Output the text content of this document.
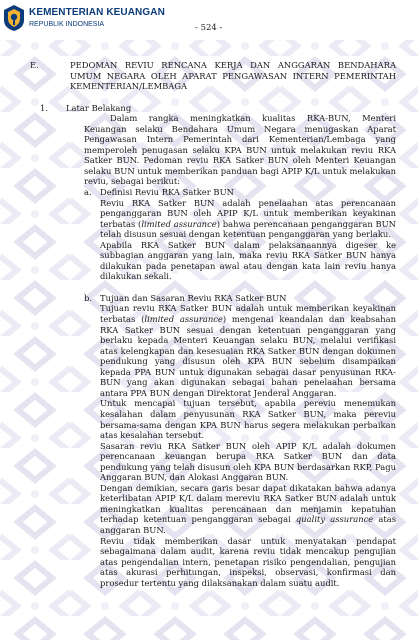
KEMENTERIAN KEUANGAN
REPUBLIK INDONESIA	- 524 -
E.	PEDOMAN REVIU RENCANA KERJA DAN ANGGARAN BENDAHARA UMUM NEGARA OLEH APARAT PENGAWASAN INTERN PEMERINTAH KEMENTERIAN/LEMBAGA
1.	Latar Belakang

Dalam rangka meningkatkan kualitas RKA-BUN, Menteri Keuangan selaku Bendahara Umum Negara menugaskan Aparat Pengawasan Intern Pemerintah dari Kementerian/Lembaga yang memperoleh penugasan selaku KPA BUN untuk melakukan reviu RKA Satker BUN. Pedoman reviu RKA Satker BUN oleh Menteri Keuangan selaku BUN untuk memberikan panduan bagi APIP K/L untuk melakukan reviu, sebagai berikut:

a. Definisi Reviu RKA Satker BUN

Reviu RKA Satker BUN adalah penelaahan atas perencanaan penganggaran BUN oleh APIP K/L untuk memberikan keyakinan terbatas (limited assurance) bahwa perencanaan penganggaran BUN telah disusun sesuai dengan ketentuan penganggaran yang berlaku.

Apabila RKA Satker BUN dalam pelaksanaannya digeser ke subbagian anggaran yang lain, maka reviu RKA Satker BUN hanya dilakukan pada penetapan awal atau dengan kata lain reviu hanya dilakukan sekali.

b. Tujuan dan Sasaran Reviu RKA Satker BUN

Tujuan reviu RKA Satker BUN adalah untuk memberikan keyakinan terbatas (limited assurance) mengenai keandalan dan keabsahan RKA Satker BUN sesuai dengan ketentuan penganggaran yang berlaku kepada Menteri Keuangan selaku BUN, melalui verifikasi atas kelengkapan dan kesesuaian RKA Satker BUN dengan dokumen pendukung yang disusun oleh KPA BUN sebelum disampaikan kepada PPA BUN untuk digunakan sebagai dasar penyusunan RKA-BUN yang akan digunakan sebagai bahan penelaahan bersama antara PPA BUN dengan Direktorat Jenderal Anggaran.

Untuk mencapai tujuan tersebut, apabila pereviu menemukan kesalahan dalam penyusunan RKA Satker BUN, maka pereviu bersama-sama dengan KPA BUN harus segera melakukan perbaikan atas kesalahan tersebut.

Sasaran reviu RKA Satker BUN oleh APIP K/L adalah dokumen perencanaan keuangan berupa RKA Satker BUN dan data pendukung yang telah disusun oleh KPA BUN berdasarkan RKP, Pagu Anggaran BUN, dan Alokasi Anggaran BUN.

Dengan demikian, secara garis besar dapat dikatakan bahwa adanya keterlibatan APIP K/L dalam mereviu RKA Satker BUN adalah untuk meningkatkan kualitas perencanaan dan menjamin kepatuhan terhadap ketentuan penganggaran sebagai quality assurance atas anggaran BUN.

Reviu tidak memberikan dasar untuk menyatakan pendapat sebagaimana dalam audit, karena reviu tidak mencakup pengujian atas pengendalian intern, penetapan risiko pengendalian, pengujian atas akurasi perhitungan, inspeksi, observasi, konfirmasi dan prosedur tertentu yang dilaksanakan dalam suatu audit.
